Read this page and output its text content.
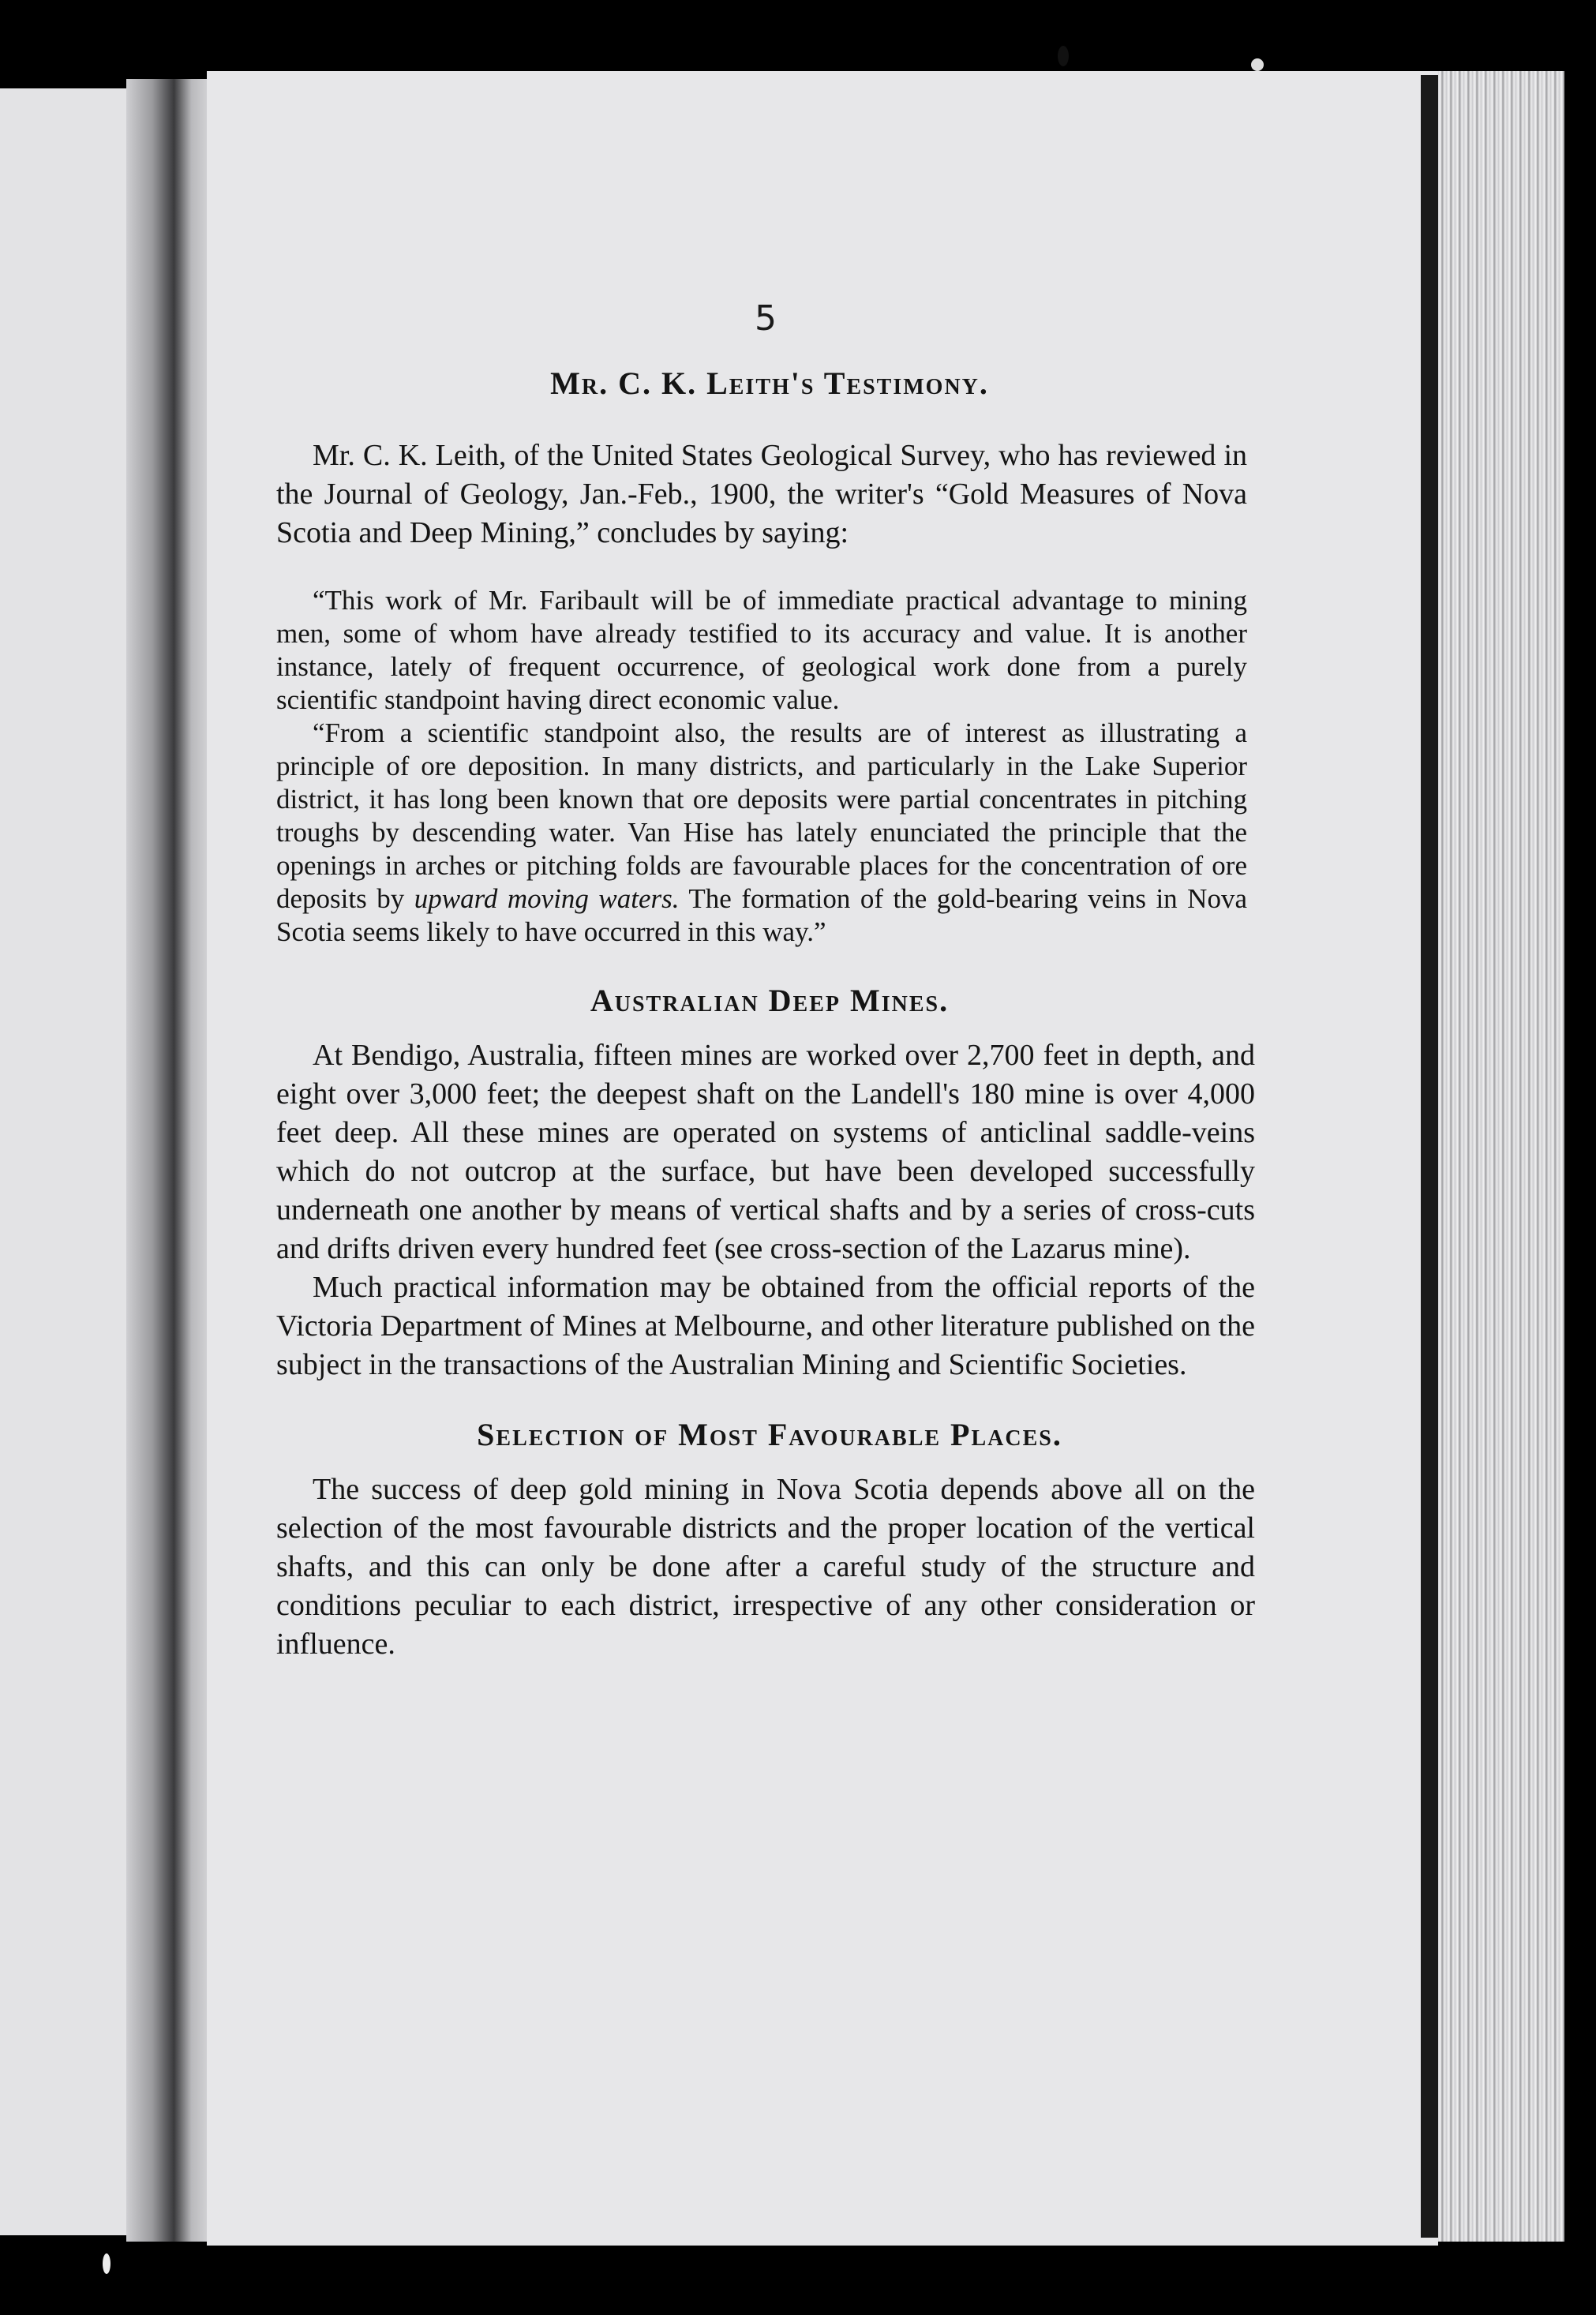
5
Mr. C. K. Leith's Testimony.

Mr. C. K. Leith, of the United States Geological Survey, who has reviewed in the Journal of Geology, Jan.-Feb., 1900, the writer's “Gold Measures of Nova Scotia and Deep Mining,” concludes by saying:

“This work of Mr. Faribault will be of immediate practical advantage to mining men, some of whom have already testified to its accuracy and value. It is another instance, lately of frequent occurrence, of geological work done from a purely scientific standpoint having direct economic value.

“From a scientific standpoint also, the results are of interest as illustrating a principle of ore deposition. In many districts, and particularly in the Lake Superior district, it has long been known that ore deposits were partial concentrates in pitching troughs by descending water. Van Hise has lately enunciated the principle that the openings in arches or pitching folds are favourable places for the concentration of ore deposits by upward moving waters. The formation of the gold-bearing veins in Nova Scotia seems likely to have occurred in this way.”

Australian Deep Mines.

At Bendigo, Australia, fifteen mines are worked over 2,700 feet in depth, and eight over 3,000 feet; the deepest shaft on the Landell's 180 mine is over 4,000 feet deep. All these mines are operated on systems of anticlinal saddle-veins which do not outcrop at the surface, but have been developed successfully underneath one another by means of vertical shafts and by a series of cross-cuts and drifts driven every hundred feet (see cross-section of the Lazarus mine).

Much practical information may be obtained from the official reports of the Victoria Department of Mines at Melbourne, and other literature published on the subject in the transactions of the Australian Mining and Scientific Societies.

Selection of Most Favourable Places.

The success of deep gold mining in Nova Scotia depends above all on the selection of the most favourable districts and the proper location of the vertical shafts, and this can only be done after a careful study of the structure and conditions peculiar to each district, irrespective of any other consideration or influence.
